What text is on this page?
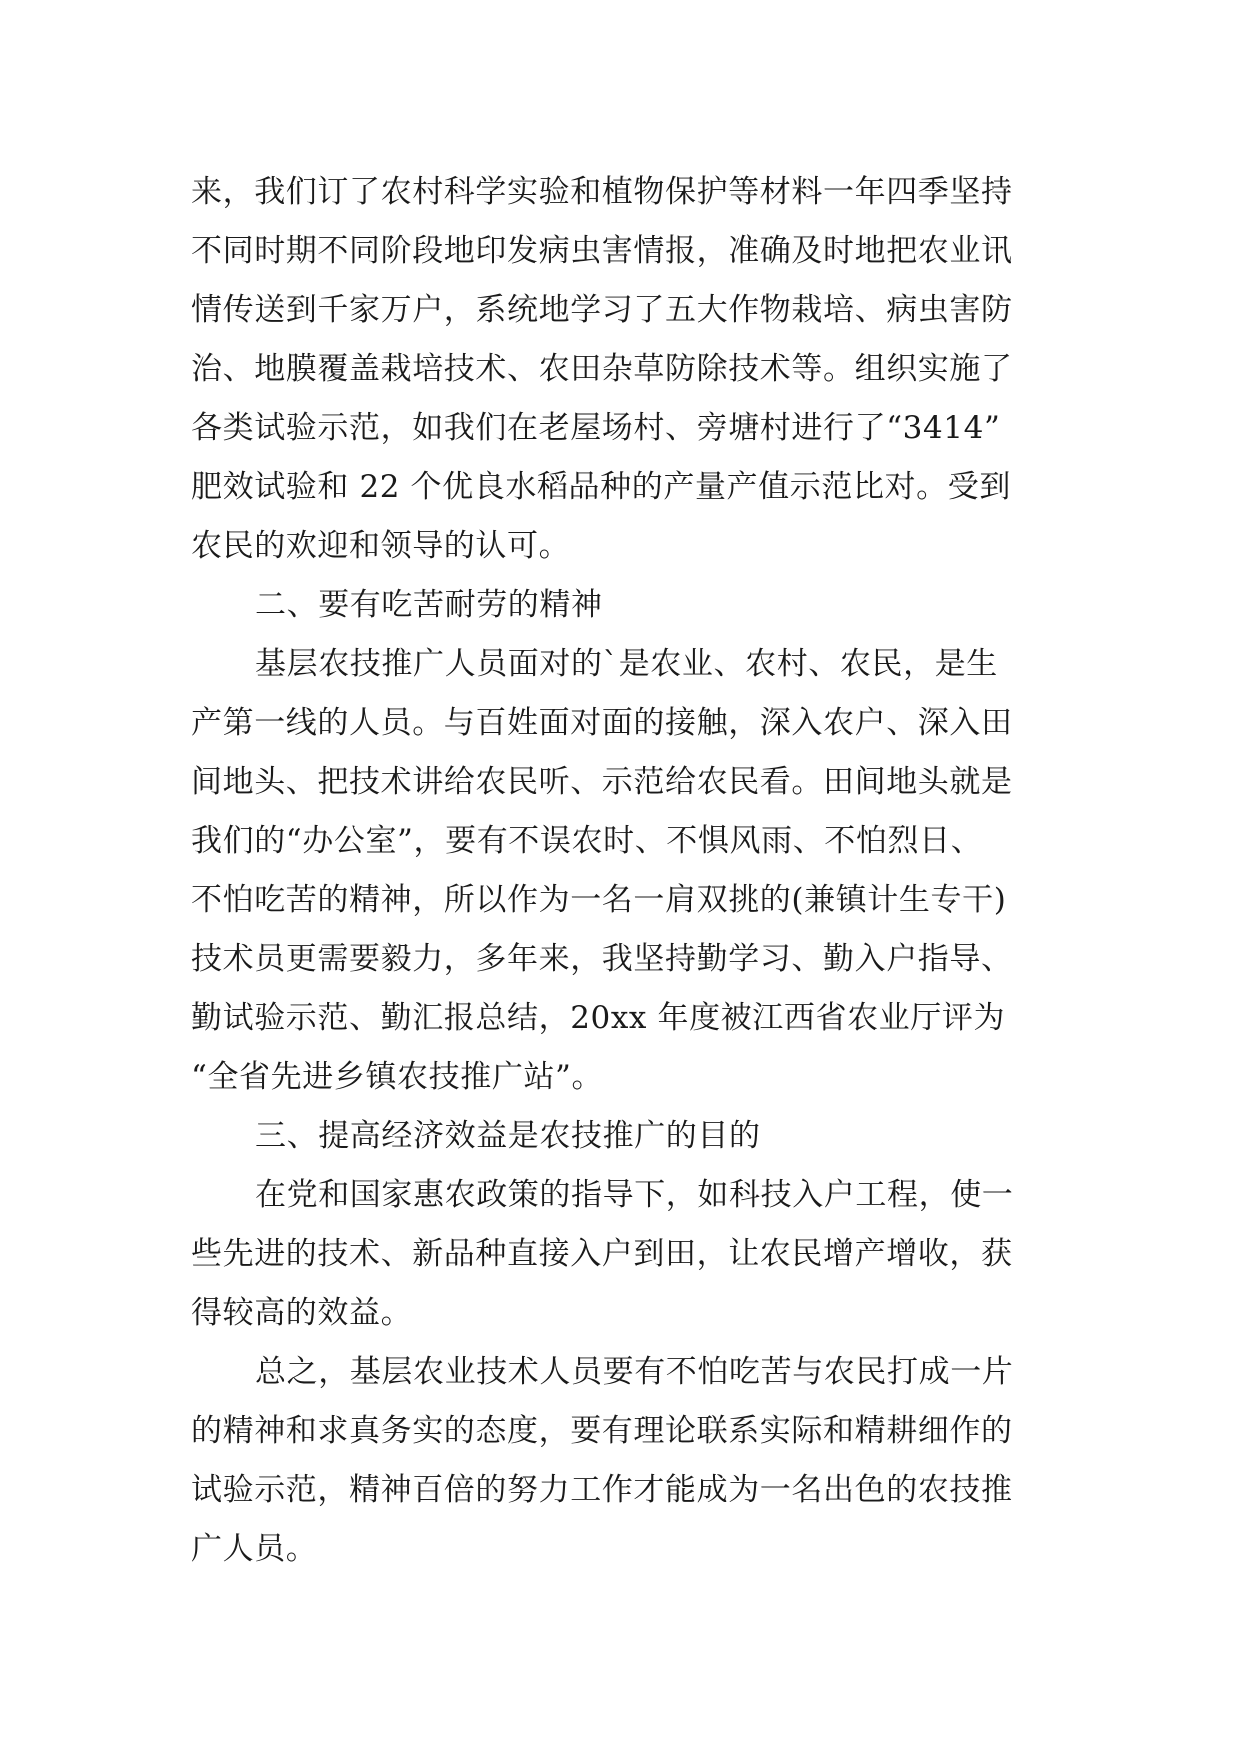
来，我们订了农村科学实验和植物保护等材料一年四季坚持
不同时期不同阶段地印发病虫害情报，准确及时地把农业讯
情传送到千家万户，系统地学习了五大作物栽培、病虫害防
治、地膜覆盖栽培技术、农田杂草防除技术等。组织实施了
各类试验示范，如我们在老屋场村、旁塘村进行了“3414”
肥效试验和 22 个优良水稻品种的产量产值示范比对。受到
农民的欢迎和领导的认可。
二、要有吃苦耐劳的精神
基层农技推广人员面对的`是农业、农村、农民，是生
产第一线的人员。与百姓面对面的接触，深入农户、深入田
间地头、把技术讲给农民听、示范给农民看。田间地头就是
我们的“办公室”，要有不误农时、不惧风雨、不怕烈日、
不怕吃苦的精神，所以作为一名一肩双挑的(兼镇计生专干)
技术员更需要毅力，多年来，我坚持勤学习、勤入户指导、
勤试验示范、勤汇报总结，20xx 年度被江西省农业厅评为
“全省先进乡镇农技推广站”。
三、提高经济效益是农技推广的目的
在党和国家惠农政策的指导下，如科技入户工程，使一
些先进的技术、新品种直接入户到田，让农民增产增收，获
得较高的效益。
总之，基层农业技术人员要有不怕吃苦与农民打成一片
的精神和求真务实的态度，要有理论联系实际和精耕细作的
试验示范，精神百倍的努力工作才能成为一名出色的农技推
广人员。
